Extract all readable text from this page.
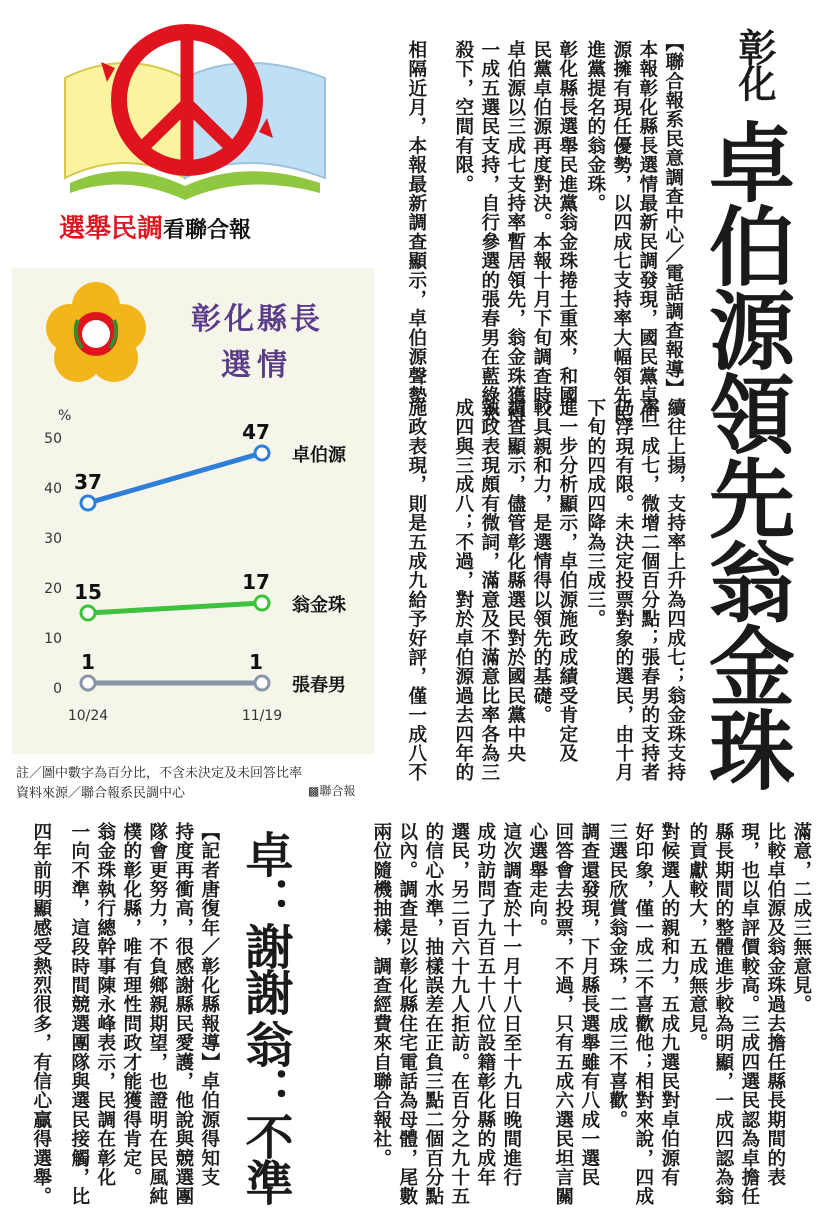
選舉民調看聯合報
彰化縣長
選情
0
10
20
30
40
50
%
10/24	11/19
37
47
卓伯源
15	17
翁金珠
1	1
張春男
註／圖中數字為百分比，不含未決定及未回答比率
資料來源／聯合報系民調中心	▩聯合報
彰化
卓伯源領先翁金珠
【聯合報系民意調查中心／電話調查報導】
本報彰化縣長選情最新民調發現，國民黨卓伯
源擁有現任優勢，以四成七支持率大幅領先民
進黨提名的翁金珠。
彰化縣長選舉民進黨翁金珠捲土重來，和國
民黨卓伯源再度對決。本報十月下旬調查時，
卓伯源以三成七支持率暫居領先，翁金珠獲得
一成五選民支持，自行參選的張春男在藍綠夾
殺下，空間有限。
相隔近月，本報最新調查顯示，卓伯源聲勢
續往上揚，支持率上升為四成七；翁金珠支持
率一成七，微增二個百分點；張春男的支持者
仍浮現有限。未決定投票對象的選民，由十月
下旬的四成四降為三成三。
進一步分析顯示，卓伯源施政成績受肯定及
較具親和力，是選情得以領先的基礎。
調查顯示，儘管彰化縣選民對於國民黨中央
執政表現頗有微詞，滿意及不滿意比率各為三
成四與三成八；不過，對於卓伯源過去四年的
施政表現，則是五成九給予好評，僅一成八不
滿意，二成三無意見。
比較卓伯源及翁金珠過去擔任縣長期間的表
現，也以卓評價較高。三成四選民認為卓擔任
縣長期間的整體進步較為明顯，一成四認為翁
的貢獻較大，五成無意見。
對候選人的親和力，五成九選民對卓伯源有
好印象，僅一成二不喜歡他；相對來說，四成
三選民欣賞翁金珠，二成三不喜歡。
調查還發現，下月縣長選舉雖有八成一選民
回答會去投票，不過，只有五成六選民坦言關
心選舉走向。
這次調查於十一月十八日至十九日晚間進行
成功訪問了九百五十八位設籍彰化縣的成年
選民，另二百六十九人拒訪。在百分之九十五
的信心水準，抽樣誤差在正負三點二個百分點
以內。調查是以彰化縣住宅電話為母體，尾數
兩位隨機抽樣，調查經費來自聯合報社。
卓：謝謝
翁：不準
【記者唐復年／彰化縣報導】卓伯源得知支
持度再衝高，很感謝縣民愛護，他說與競選團
隊會更努力，不負鄉親期望，也證明在民風純
樸的彰化縣，唯有理性問政才能獲得肯定。
翁金珠執行總幹事陳永峰表示，民調在彰化
一向不準，這段時間競選團隊與選民接觸，比
四年前明顯感受熱烈很多，有信心贏得選舉。
